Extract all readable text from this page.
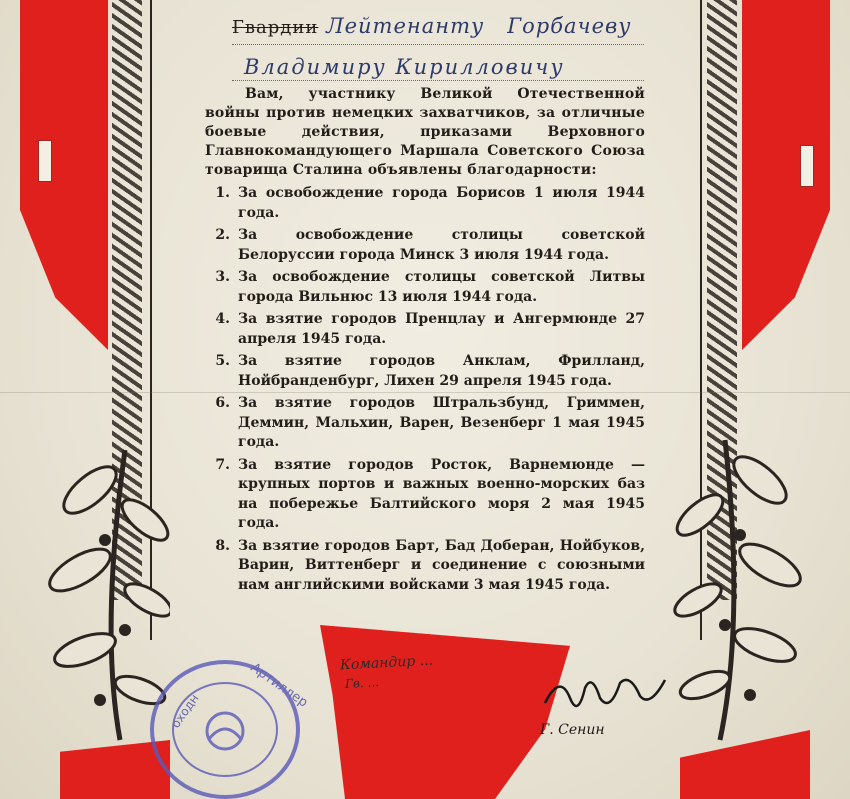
Гвардии Лейтенанту Горбачеву
Владимиру Кирилловичу
Вам, участнику Великой Отечественной войны против немецких захватчиков, за отличные боевые действия, приказами Верховного Главнокомандующего Маршала Советского Союза товарища Сталина объявлены благодарности:
1. За освобождение города Борисов 1 июля 1944 года.
2. За освобождение столицы советской Белоруссии города Минск 3 июля 1944 года.
3. За освобождение столицы советской Литвы города Вильнюс 13 июля 1944 года.
4. За взятие городов Пренцлау и Ангермюнде 27 апреля 1945 года.
5. За взятие городов Анклам, Фрилланд, Нойбранденбург, Лихен 29 апреля 1945 года.
6. За взятие городов Штральзбунд, Гриммен, Деммин, Мальхин, Варен, Везенберг 1 мая 1945 года.
7. За взятие городов Росток, Варнемюнде — крупных портов и важных военно-морских баз на побережье Балтийского моря 2 мая 1945 года.
8. За взятие городов Барт, Бад Доберан, Нойбуков, Варин, Виттенберг и соединение с союзными нам английскими войсками 3 мая 1945 года.
Артиллер
оходн
Командир ...
Гв. ...
Г. Сенин
